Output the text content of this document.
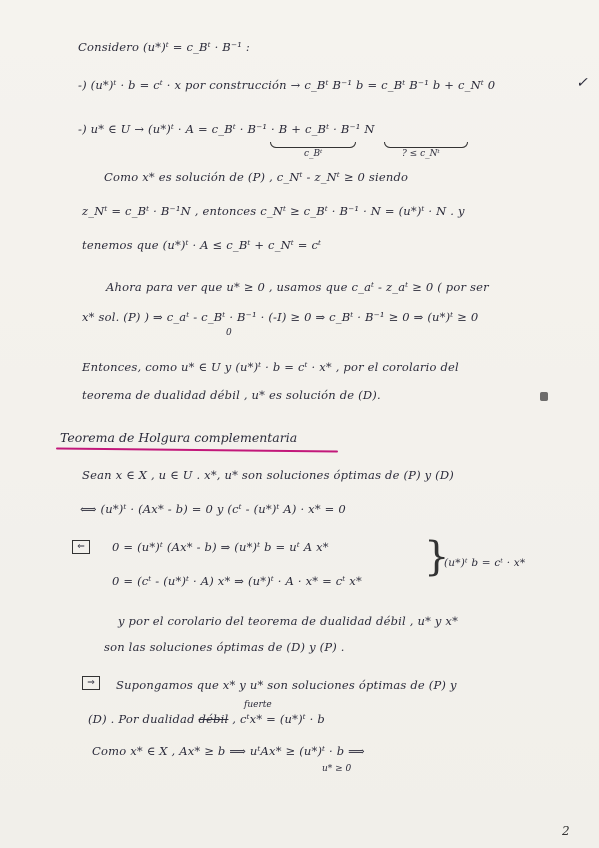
Considero (u*)ᵗ = c_Bᵗ · B⁻¹ :
-) (u*)ᵗ · b = cᵗ · x por construcción → c_Bᵗ B⁻¹ b = c_Bᵗ B⁻¹ b + c_Nᵗ 0	✓
-) u* ∈ U → (u*)ᵗ · A = c_Bᵗ · B⁻¹ · B + c_Bᵗ · B⁻¹ N
c_Bᵗ	? ≤ c_Nᵗ
Como x* es solución de (P) , c_Nᵗ - z_Nᵗ ≥ 0 siendo
z_Nᵗ = c_Bᵗ · B⁻¹N , entonces c_Nᵗ ≥ c_Bᵗ · B⁻¹ · N = (u*)ᵗ · N . y
tenemos que (u*)ᵗ · A ≤ c_Bᵗ + c_Nᵗ = cᵗ
Ahora para ver que u* ≥ 0 , usamos que c_aᵗ - z_aᵗ ≥ 0 ( por ser
x* sol. (P) ) ⇒ c_aᵗ - c_Bᵗ · B⁻¹ · (-I) ≥ 0 ⇒ c_Bᵗ · B⁻¹ ≥ 0 ⇒ (u*)ᵗ ≥ 0
0
Entonces, como u* ∈ U y (u*)ᵗ · b = cᵗ · x* , por el corolario del
teorema de dualidad débil , u* es solución de (D).
Teorema de Holgura complementaria
Sean x ∈ X , u ∈ U . x*, u* son soluciones óptimas de (P) y (D)
⟺ (u*)ᵗ · (Ax* - b) = 0 y (cᵗ - (u*)ᵗ A) · x* = 0
⇐	0 = (u*)ᵗ (Ax* - b) ⇒ (u*)ᵗ b = uᵗ A x*
0 = (cᵗ - (u*)ᵗ · A) x* ⇒ (u*)ᵗ · A · x* = cᵗ x*
}
(u*)ᵗ b = cᵗ · x*
y por el corolario del teorema de dualidad débil , u* y x*
son las soluciones óptimas de (D) y (P) .
⇒	Supongamos que x* y u* son soluciones óptimas de (P) y
fuerte
(D) . Por dualidad débil , cᵗx* = (u*)ᵗ · b
Como x* ∈ X , Ax* ≥ b ⟹ uᵗAx* ≥ (u*)ᵗ · b ⟹
u* ≥ 0
2
